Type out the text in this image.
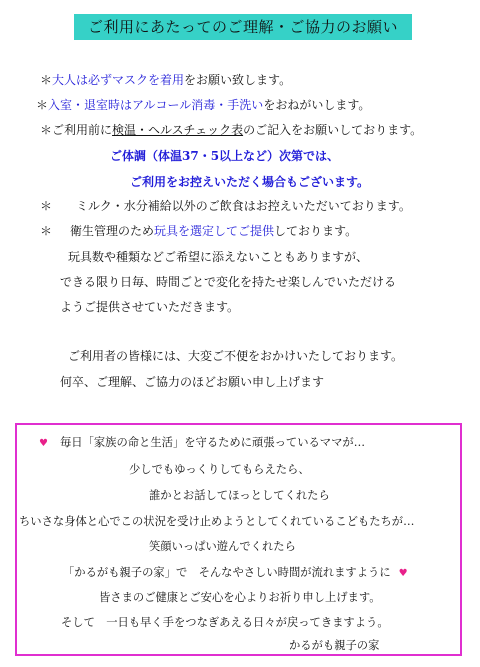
ご利用にあたってのご理解・ご協力のお願い
＊大人は必ずマスクを着用をお願い致します。
＊入室・退室時はアルコール消毒・手洗いをおねがいします。
＊ご利用前に検温・ヘルスチェック表のご記入をお願いしております。
ご体調（体温37・5以上など）次第では、
ご利用をお控えいただく場合もございます。
＊ ミルク・水分補給以外のご飲食はお控えいただいております。
＊ 衛生管理のため玩具を選定してご提供しております。
玩具数や種類などご希望に添えないこともありますが、
できる限り日毎、時間ごとで変化を持たせ楽しんでいただける
ようご提供させていただきます。
ご利用者の皆様には、大変ご不便をおかけいたしております。
何卒、ご理解、ご協力のほどお願い申し上げます
♥ 毎日「家族の命と生活」を守るために頑張っているママが…
少しでもゆっくりしてもらえたら、
誰かとお話してほっとしてくれたら
ちいさな身体と心でこの状況を受け止めようとしてくれているこどもたちが…
笑顔いっぱい遊んでくれたら
「かるがも親子の家」で　そんなやさしい時間が流れますように ♥
皆さまのご健康とご安心を心よりお祈り申し上げます。
そして　一日も早く手をつなぎあえる日々が戻ってきますよう。
かるがも親子の家
